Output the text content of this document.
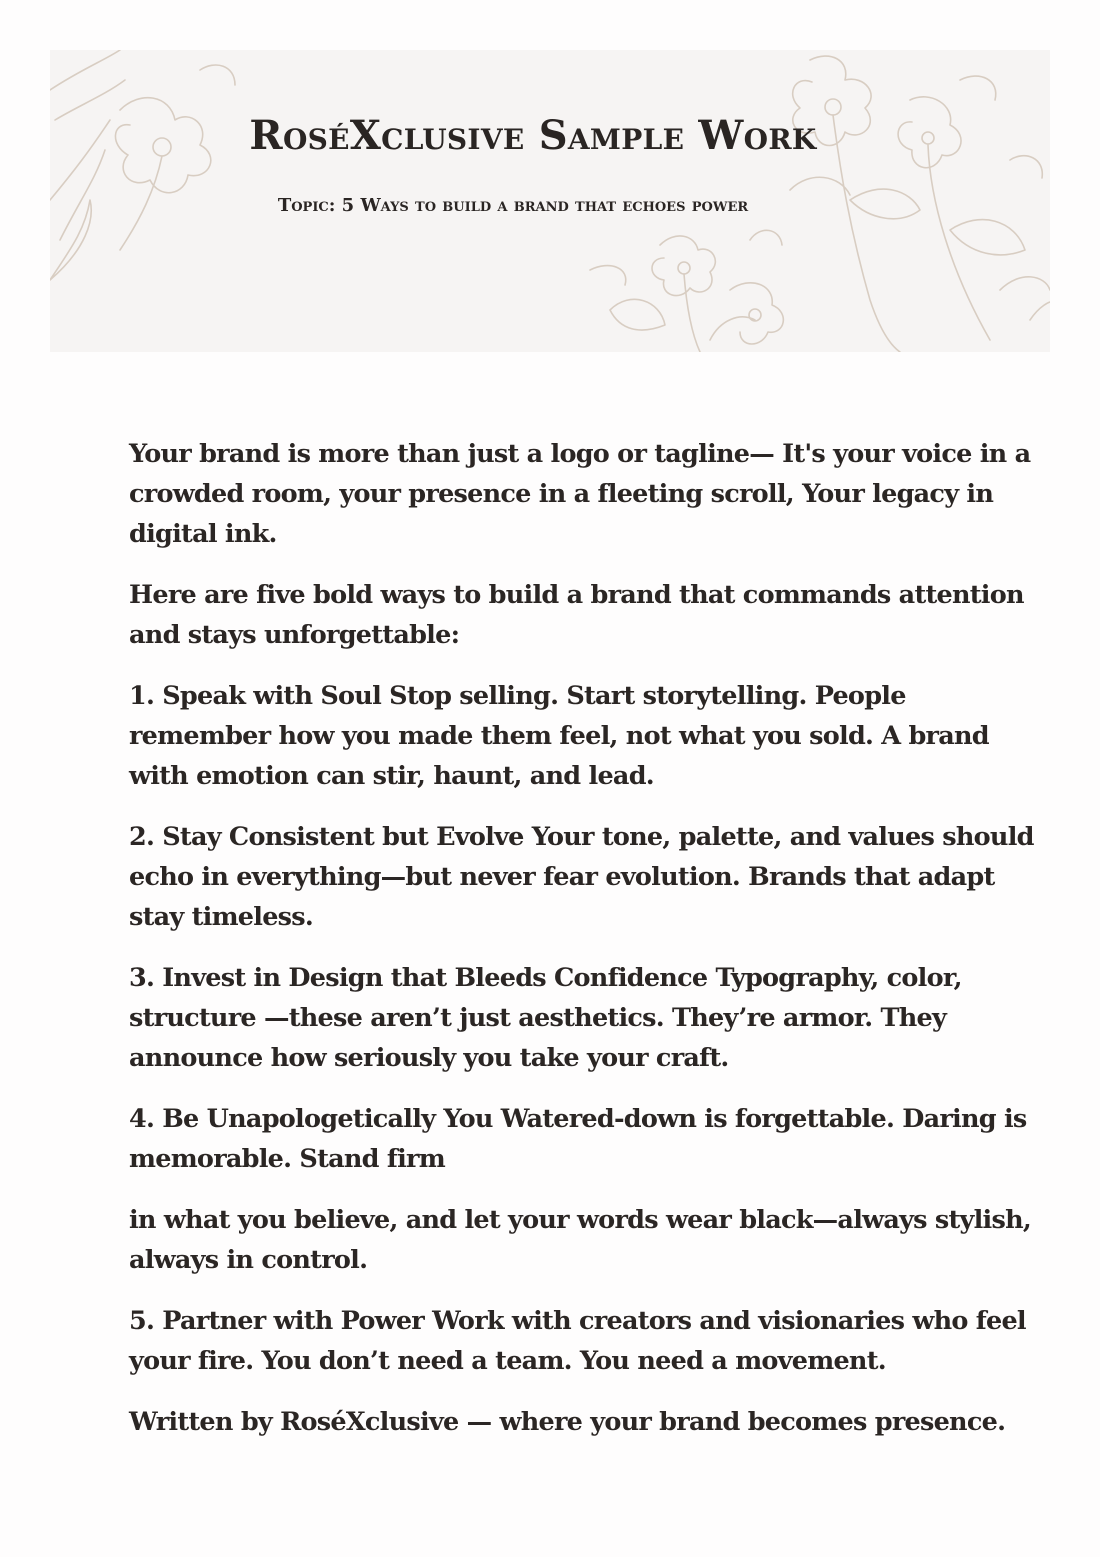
RoséXclusive Sample Work
Topic: 5 Ways to build a brand that echoes power

Your brand is more than just a logo or tagline— It's your voice in a crowded room, your presence in a fleeting scroll, Your legacy in digital ink.

Here are five bold ways to build a brand that commands attention and stays unforgettable:

1. Speak with Soul Stop selling. Start storytelling. People remember how you made them feel, not what you sold. A brand with emotion can stir, haunt, and lead.

2. Stay Consistent but Evolve Your tone, palette, and values should echo in everything—but never fear evolution. Brands that adapt stay timeless.

3. Invest in Design that Bleeds Confidence Typography, color, structure —these aren’t just aesthetics. They’re armor. They announce how seriously you take your craft.

4. Be Unapologetically You Watered-down is forgettable. Daring is memorable. Stand firm

in what you believe, and let your words wear black—always stylish, always in control.

5. Partner with Power Work with creators and visionaries who feel your fire. You don’t need a team. You need a movement.

Written by RoséXclusive — where your brand becomes presence.
